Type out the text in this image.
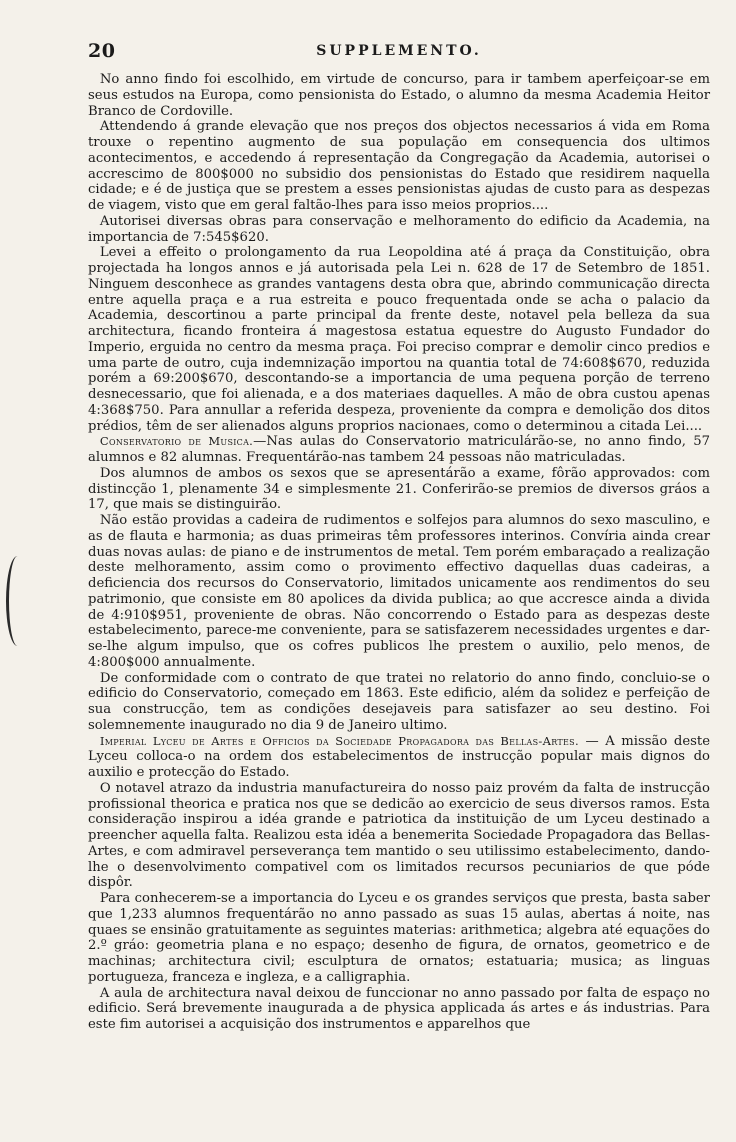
20	SUPPLEMENTO.

No anno findo foi escolhido, em virtude de concurso, para ir tambem aperfeiçoar-se em seus estudos na Europa, como pensionista do Estado, o alumno da mesma Academia Heitor Branco de Cordoville.

Attendendo á grande elevação que nos preços dos objectos necessarios á vida em Roma trouxe o repentino augmento de sua população em consequencia dos ultimos acontecimentos, e accedendo á representação da Congregação da Academia, autorisei o accrescimo de 800$000 no subsidio dos pensionistas do Estado que residirem naquella cidade; e é de justiça que se prestem a esses pensionistas ajudas de custo para as despezas de viagem, visto que em geral faltão-lhes para isso meios proprios....

Autorisei diversas obras para conservação e melhoramento do edificio da Academia, na importancia de 7:545$620.

Levei a effeito o prolongamento da rua Leopoldina até á praça da Constituição, obra projectada ha longos annos e já autorisada pela Lei n. 628 de 17 de Setembro de 1851. Ninguem desconhece as grandes vantagens desta obra que, abrindo communicação directa entre aquella praça e a rua estreita e pouco frequentada onde se acha o palacio da Academia, descortinou a parte principal da frente deste, notavel pela belleza da sua architectura, ficando fronteira á magestosa estatua equestre do Augusto Fundador do Imperio, erguida no centro da mesma praça. Foi preciso comprar e demolir cinco predios e uma parte de outro, cuja indemnização importou na quantia total de 74:608$670, reduzida porém a 69:200$670, descontando-se a importancia de uma pequena porção de terreno desnecessario, que foi alienada, e a dos materiaes daquelles. A mão de obra custou apenas 4:368$750. Para annullar a referida despeza, proveniente da compra e demolição dos ditos prédios, têm de ser alienados alguns proprios nacionaes, como o determinou a citada Lei....

Conservatorio de Musica.—Nas aulas do Conservatorio matriculárão-se, no anno findo, 57 alumnos e 82 alumnas. Frequentárão-nas tambem 24 pessoas não matriculadas.

Dos alumnos de ambos os sexos que se apresentárão a exame, fôrão approvados: com distincção 1, plenamente 34 e simplesmente 21. Conferirão-se premios de diversos gráos a 17, que mais se distinguirão.

Não estão providas a cadeira de rudimentos e solfejos para alumnos do sexo masculino, e as de flauta e harmonia; as duas primeiras têm professores interinos. Convíria ainda crear duas novas aulas: de piano e de instrumentos de metal. Tem porém embaraçado a realização deste melhoramento, assim como o provimento effectivo daquellas duas cadeiras, a deficiencia dos recursos do Conservatorio, limitados unicamente aos rendimentos do seu patrimonio, que consiste em 80 apolices da divida publica; ao que accresce ainda a divida de 4:910$951, proveniente de obras. Não concorrendo o Estado para as despezas deste estabelecimento, parece-me conveniente, para se satisfazerem necessidades urgentes e dar-se-lhe algum impulso, que os cofres publicos lhe prestem o auxilio, pelo menos, de 4:800$000 annualmente.

De conformidade com o contrato de que tratei no relatorio do anno findo, concluio-se o edificio do Conservatorio, começado em 1863. Este edificio, além da solidez e perfeição de sua construcção, tem as condições desejaveis para satisfazer ao seu destino. Foi solemnemente inaugurado no dia 9 de Janeiro ultimo.

Imperial Lyceu de Artes e Officios da Sociedade Propagadora das Bellas-Artes. — A missão deste Lyceu colloca-o na ordem dos estabelecimentos de instrucção popular mais dignos do auxilio e protecção do Estado.

O notavel atrazo da industria manufactureira do nosso paiz provém da falta de instrucção profissional theorica e pratica nos que se dedicão ao exercicio de seus diversos ramos. Esta consideração inspirou a idéa grande e patriotica da instituição de um Lyceu destinado a preencher aquella falta. Realizou esta idéa a benemerita Sociedade Propagadora das Bellas-Artes, e com admiravel perseverança tem mantido o seu utilissimo estabelecimento, dando-lhe o desenvolvimento compativel com os limitados recursos pecuniarios de que póde dispôr.

Para conhecerem-se a importancia do Lyceu e os grandes serviços que presta, basta saber que 1,233 alumnos frequentárão no anno passado as suas 15 aulas, abertas á noite, nas quaes se ensinão gratuitamente as seguintes materias: arithmetica; algebra até equações do 2.º gráo: geometria plana e no espaço; desenho de figura, de ornatos, geometrico e de machinas; architectura civil; esculptura de ornatos; estatuaria; musica; as linguas portugueza, franceza e ingleza, e a calligraphia.

A aula de architectura naval deixou de funccionar no anno passado por falta de espaço no edificio. Será brevemente inaugurada a de physica applicada ás artes e ás industrias. Para este fim autorisei a acquisição dos instrumentos e apparelhos que
